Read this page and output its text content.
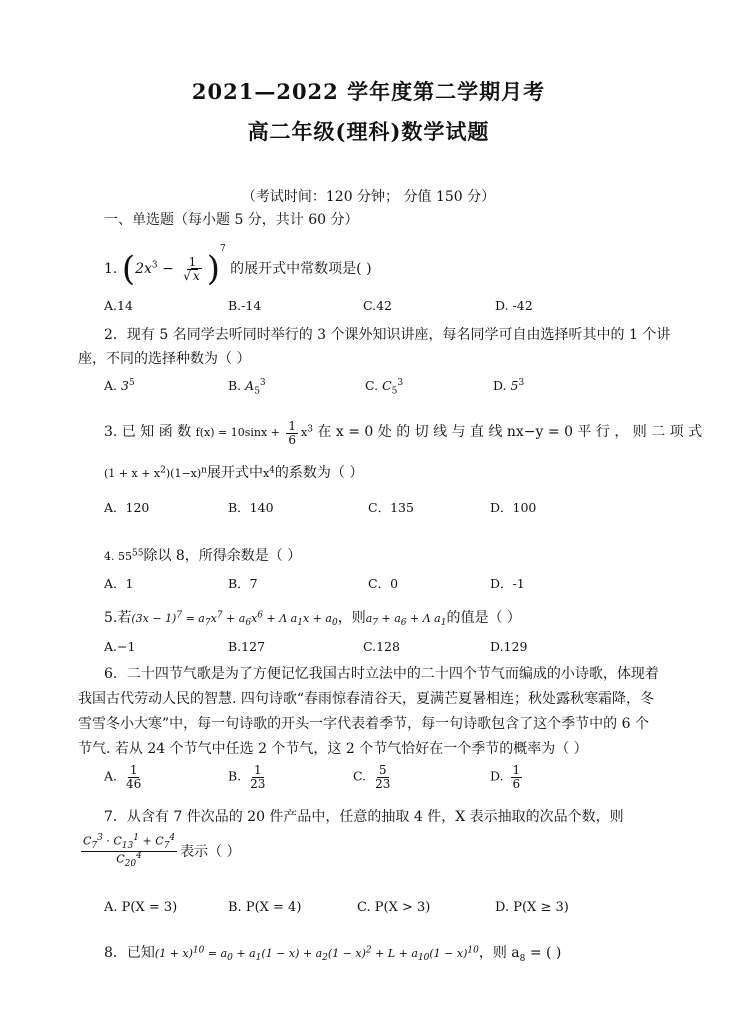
2021—2022 学年度第二学期月考
高二年级(理科)数学试题
（考试时间：120 分钟； 分值 150 分）
一、单选题（每小题 5 分，共计 60 分）
1. $(2x^3 - \frac{1}{√ x} )^7$ 的展开式中常数项是( )
A.14	B.-14	C.42	D. -42
2．现有 5 名同学去听同时举行的 3 个课外知识讲座，每名同学可自由选择听其中的 1 个讲
座，不同的选择种数为（ ）
A. $3^5$	B. $A_5^3$	C. $C_5^3$	D. $5^3$
3. 已 知 函 数 $f(x) = 10\sin x + \frac{1}{6} x^3$ 在 x = 0 处 的 切 线 与 直 线 nx−y = 0 平 行 ， 则 二 项 式
$(1 + x + x^2)(1-x)^n$展开式中$x^4$的系数为（ ）
A．120	B．140	C．135	D．100
4. $55^{55}$除以 8，所得余数是（ ）
A．1	B．7	C．0	D．-1
5.若$(3x - 1)^7 = a_7x^7 + a_6x^6 + \Lambda$ $a_1x + a_0$，则$a_7 + a_6 + \Lambda$ $a_1$的值是（ ）
A.−1	B.127	C.128	D.129
6．二十四节气歌是为了方便记忆我国古时立法中的二十四个节气而编成的小诗歌，体现着
我国古代劳动人民的智慧. 四句诗歌“春雨惊春清谷天，夏满芒夏暑相连；秋处露秋寒霜降，冬
雪雪冬小大寒”中，每一句诗歌的开头一字代表着季节，每一句诗歌包含了这个季节中的 6 个
节气. 若从 24 个节气中任选 2 个节气，这 2 个节气恰好在一个季节的概率为（ ）
A. $\frac{1}{46}$	B. $\frac{1}{23}$	C. $\frac{5}{23}$	D. $\frac{1}{6}$
7．从含有 7 件次品的 20 件产品中，任意的抽取 4 件，X 表示抽取的次品个数，则
$\frac{C_7^3 \cdot C_{13}^1 + C_7^4}{C_{20}^4}$ 表示（ ）
A. P(X = 3)	B. P(X = 4)	C. P(X > 3)	D. P(X ≥ 3)
8．已知$(1 + x)^{10} = a_0 + a_1(1 - x) + a_2(1 - x)^2 + L + a_{10}(1 - x)^{10}$，则 $a_8$ = ( )
